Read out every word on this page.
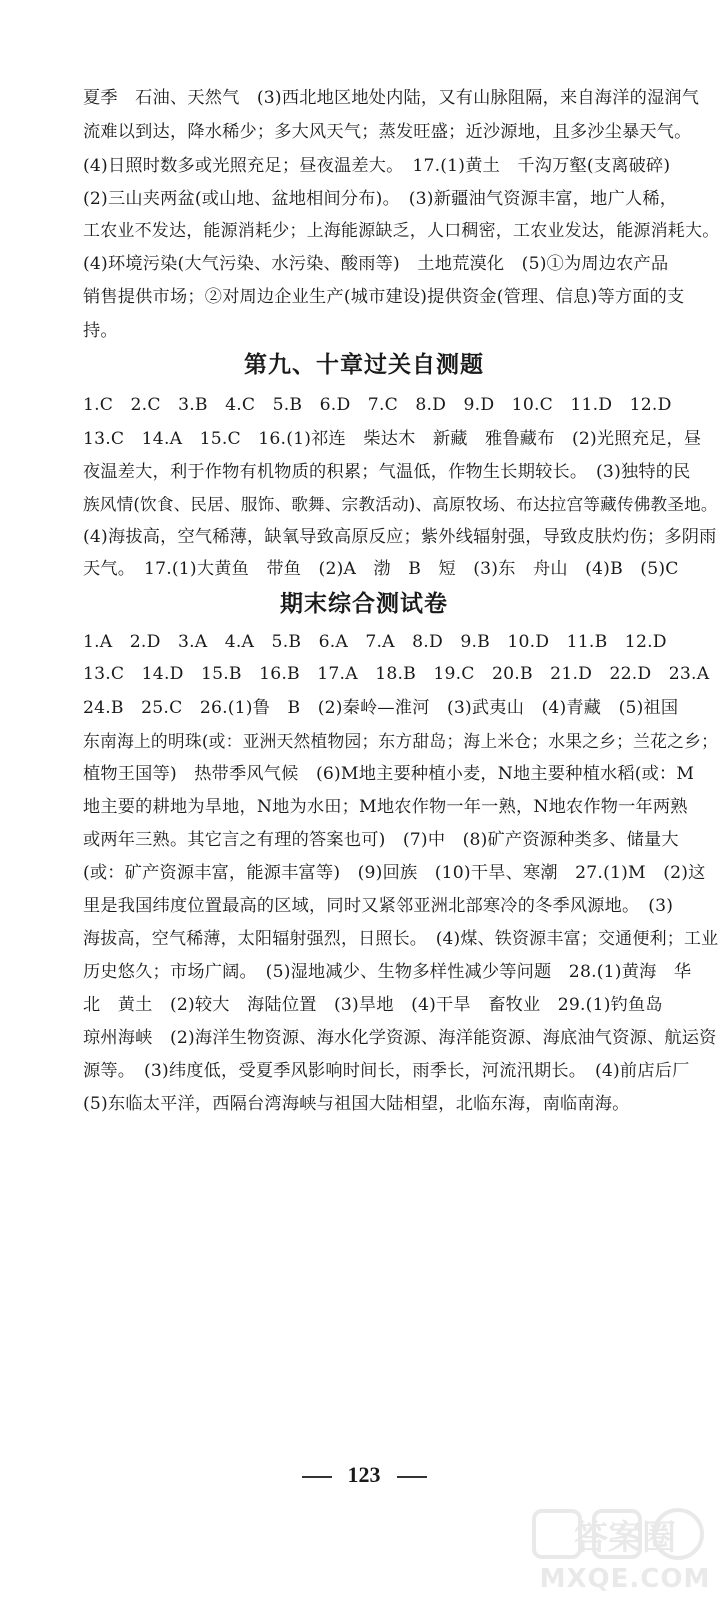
夏季　石油、天然气　(3)西北地区地处内陆，又有山脉阻隔，来自海洋的湿润气
流难以到达，降水稀少；多大风天气；蒸发旺盛；近沙源地，且多沙尘暴天气。
(4)日照时数多或光照充足；昼夜温差大。　17.(1)黄土　千沟万壑(支离破碎)
(2)三山夹两盆(或山地、盆地相间分布)。　(3)新疆油气资源丰富，地广人稀，
工农业不发达，能源消耗少；上海能源缺乏，人口稠密，工农业发达，能源消耗大。
(4)环境污染(大气污染、水污染、酸雨等)　土地荒漠化　(5)①为周边农产品
销售提供市场；②对周边企业生产(城市建设)提供资金(管理、信息)等方面的支
持。
第九、十章过关自测题
1.C　2.C　3.B　4.C　5.B　6.D　7.C　8.D　9.D　10.C　11.D　12.D
13.C　14.A　15.C　16.(1)祁连　柴达木　新藏　雅鲁藏布　(2)光照充足，昼
夜温差大，利于作物有机物质的积累；气温低，作物生长期较长。　(3)独特的民
族风情(饮食、民居、服饰、歌舞、宗教活动)、高原牧场、布达拉宫等藏传佛教圣地。
(4)海拔高，空气稀薄，缺氧导致高原反应；紫外线辐射强，导致皮肤灼伤；多阴雨
天气。　17.(1)大黄鱼　带鱼　(2)A　渤　B　短　(3)东　舟山　(4)B　(5)C
期末综合测试卷
1.A　2.D　3.A　4.A　5.B　6.A　7.A　8.D　9.B　10.D　11.B　12.D
13.C　14.D　15.B　16.B　17.A　18.B　19.C　20.B　21.D　22.D　23.A
24.B　25.C　26.(1)鲁　B　(2)秦岭—淮河　(3)武夷山　(4)青藏　(5)祖国
东南海上的明珠(或：亚洲天然植物园；东方甜岛；海上米仓；水果之乡；兰花之乡；
植物王国等)　热带季风气候　(6)M地主要种植小麦，N地主要种植水稻(或：M
地主要的耕地为旱地，N地为水田；M地农作物一年一熟，N地农作物一年两熟
或两年三熟。其它言之有理的答案也可)　(7)中　(8)矿产资源种类多、储量大
(或：矿产资源丰富，能源丰富等)　(9)回族　(10)干旱、寒潮　27.(1)M　(2)这
里是我国纬度位置最高的区域，同时又紧邻亚洲北部寒冷的冬季风源地。　(3)
海拔高，空气稀薄，太阳辐射强烈，日照长。　(4)煤、铁资源丰富；交通便利；工业
历史悠久；市场广阔。　(5)湿地减少、生物多样性减少等问题　28.(1)黄海　华
北　黄土　(2)较大　海陆位置　(3)旱地　(4)干旱　畜牧业　29.(1)钓鱼岛
琼州海峡　(2)海洋生物资源、海水化学资源、海洋能资源、海底油气资源、航运资
源等。　(3)纬度低，受夏季风影响时间长，雨季长，河流汛期长。　(4)前店后厂
(5)东临太平洋，西隔台湾海峡与祖国大陆相望，北临东海，南临南海。
123
答案圈
MXQE.COM
